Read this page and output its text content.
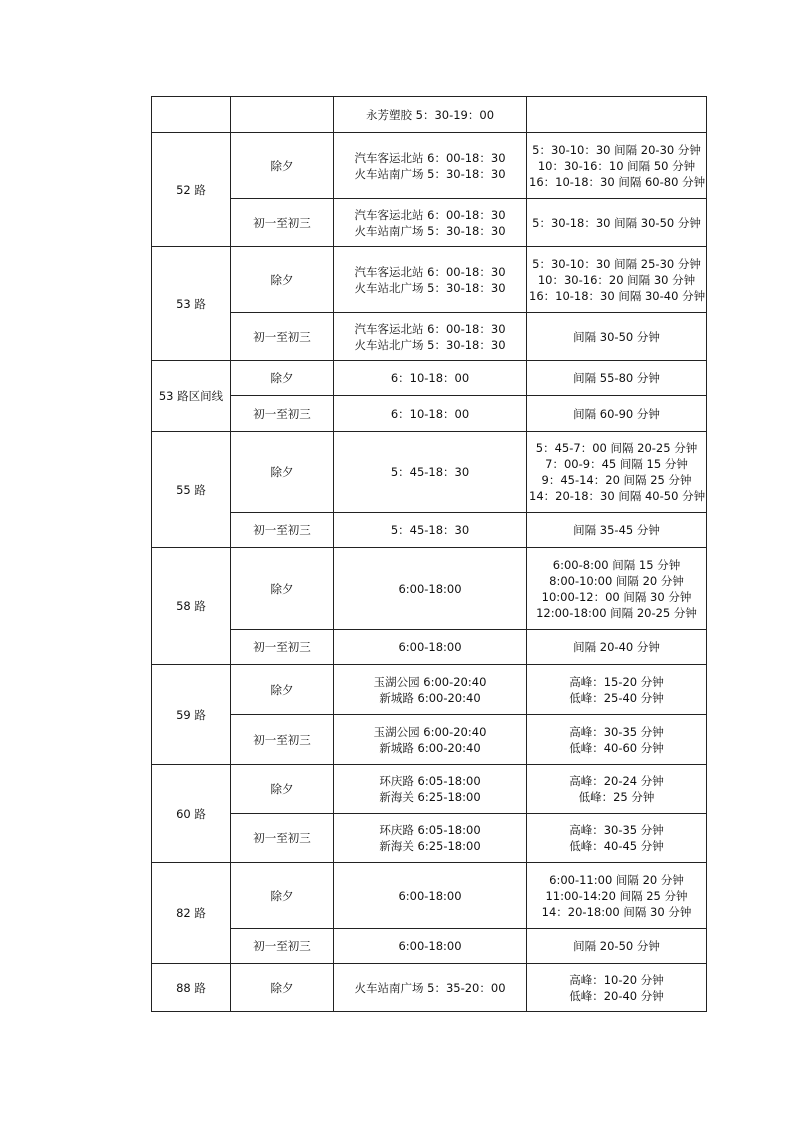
		永芳塑胶 5：30-19：00	

52 路	除夕	汽车客运北站 6：00-18：30
火车站南广场 5：30-18：30	5：30-10：30 间隔 20-30 分钟
10：30-16：10 间隔 50 分钟
16：10-18：30 间隔 60-80 分钟

	初一至初三	汽车客运北站 6：00-18：30
火车站南广场 5：30-18：30	5：30-18：30 间隔 30-50 分钟

53 路	除夕	汽车客运北站 6：00-18：30
火车站北广场 5：30-18：30	5：30-10：30 间隔 25-30 分钟
10：30-16：20 间隔 30 分钟
16：10-18：30 间隔 30-40 分钟

	初一至初三	汽车客运北站 6：00-18：30
火车站北广场 5：30-18：30	间隔 30-50 分钟

53 路区间线	除夕	6：10-18：00	间隔 55-80 分钟

	初一至初三	6：10-18：00	间隔 60-90 分钟

55 路	除夕	5：45-18：30	5：45-7：00 间隔 20-25 分钟
7：00-9：45 间隔 15 分钟
9：45-14：20 间隔 25 分钟
14：20-18：30 间隔 40-50 分钟

	初一至初三	5：45-18：30	间隔 35-45 分钟

58 路	除夕	6:00-18:00	6:00-8:00 间隔 15 分钟
8:00-10:00 间隔 20 分钟
10:00-12：00 间隔 30 分钟
12:00-18:00 间隔 20-25 分钟

	初一至初三	6:00-18:00	间隔 20-40 分钟

59 路	除夕	玉湖公园 6:00-20:40
新城路 6:00-20:40	高峰：15-20 分钟
低峰：25-40 分钟

	初一至初三	玉湖公园 6:00-20:40
新城路 6:00-20:40	高峰：30-35 分钟
低峰：40-60 分钟

60 路	除夕	环庆路 6:05-18:00
新海关 6:25-18:00	高峰：20-24 分钟
低峰：25 分钟

	初一至初三	环庆路 6:05-18:00
新海关 6:25-18:00	高峰：30-35 分钟
低峰：40-45 分钟

82 路	除夕	6:00-18:00	6:00-11:00 间隔 20 分钟
11:00-14:20 间隔 25 分钟
14：20-18:00 间隔 30 分钟

	初一至初三	6:00-18:00	间隔 20-50 分钟

88 路	除夕	火车站南广场 5：35-20：00	高峰：10-20 分钟
低峰：20-40 分钟
